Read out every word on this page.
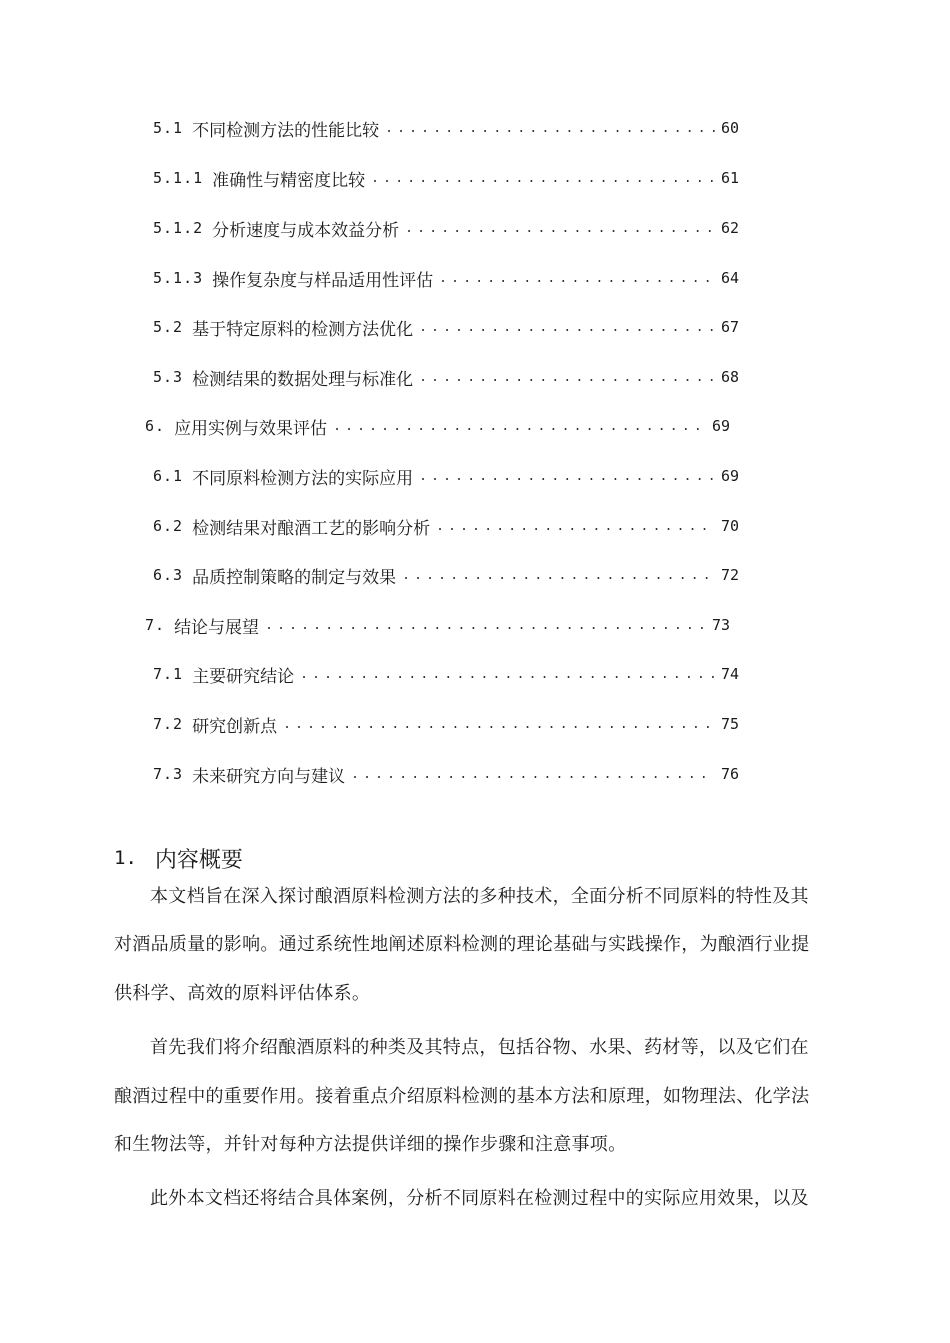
5.1 不同检测方法的性能比较 .....	60
5.1.1 准确性与精密度比较 .....	61
5.1.2 分析速度与成本效益分析 .....	62
5.1.3 操作复杂度与样品适用性评估 .....	64
5.2 基于特定原料的检测方法优化 .....	67
5.3 检测结果的数据处理与标准化 .....	68
6. 应用实例与效果评估 .....	69
6.1 不同原料检测方法的实际应用 .....	69
6.2 检测结果对酿酒工艺的影响分析 .....	70
6.3 品质控制策略的制定与效果 .....	72
7. 结论与展望 .....	73
7.1 主要研究结论 .....	74
7.2 研究创新点 .....	75
7.3 未来研究方向与建议 .....	76
1. 内容概要
本文档旨在深入探讨酿酒原料检测方法的多种技术，全面分析不同原料的特性及其
对酒品质量的影响。通过系统性地阐述原料检测的理论基础与实践操作，为酿酒行业提
供科学、高效的原料评估体系。
首先我们将介绍酿酒原料的种类及其特点，包括谷物、水果、药材等，以及它们在
酿酒过程中的重要作用。接着重点介绍原料检测的基本方法和原理，如物理法、化学法
和生物法等，并针对每种方法提供详细的操作步骤和注意事项。
此外本文档还将结合具体案例，分析不同原料在检测过程中的实际应用效果，以及
